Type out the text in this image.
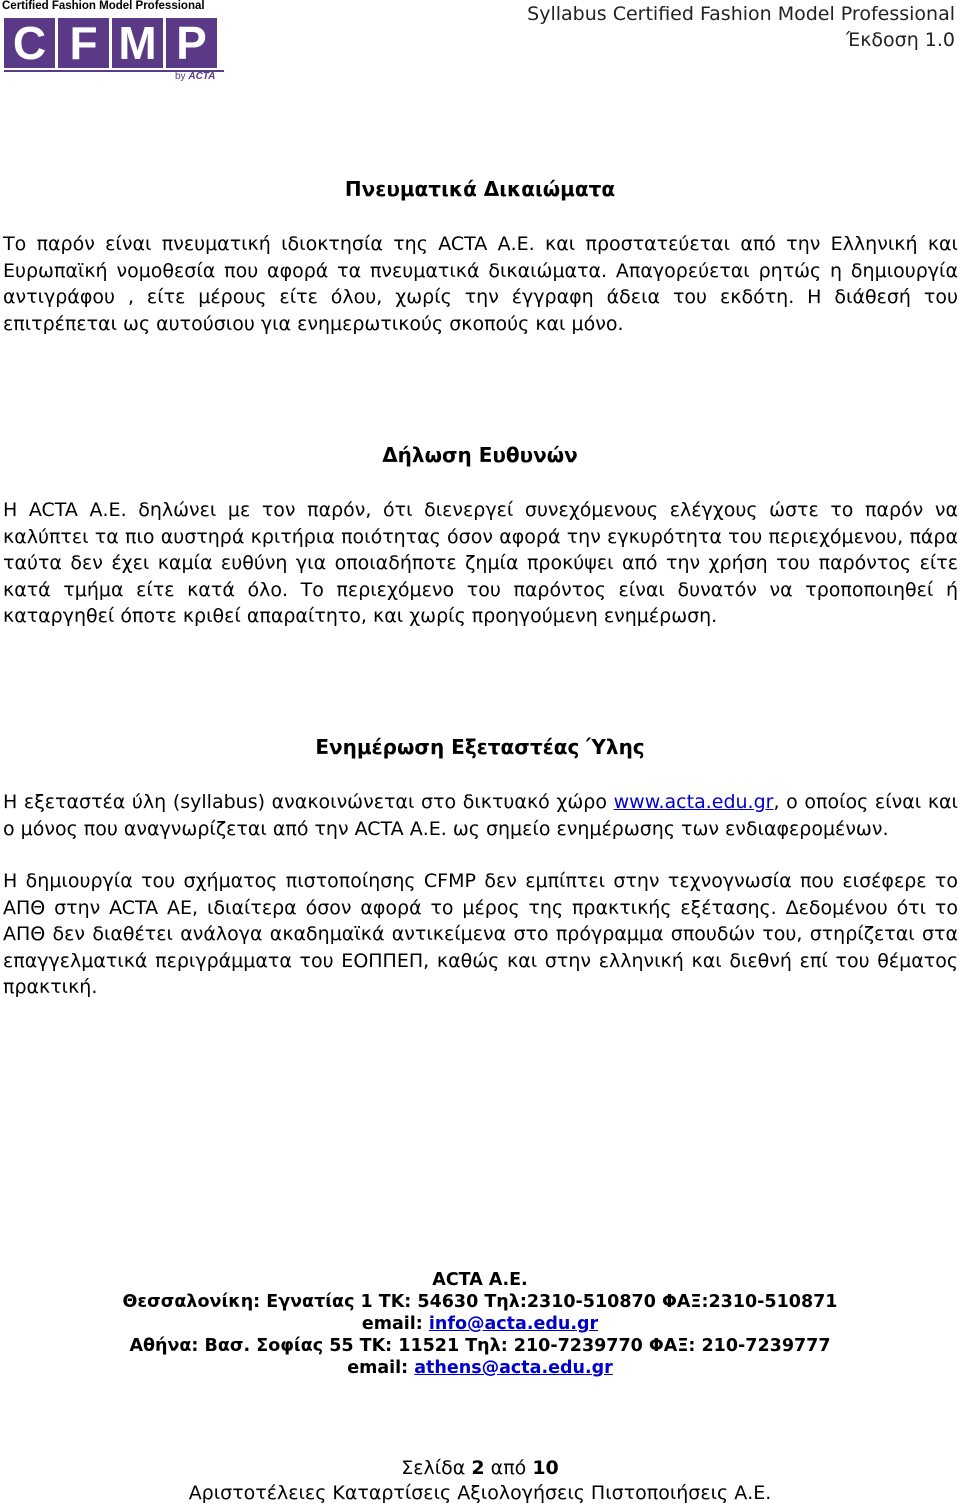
Certified Fashion Model Professional
C F M P
by ACTA
Syllabus Certified Fashion Model Professional
Έκδοση 1.0
Πνευματικά Δικαιώματα
Το παρόν είναι πνευματική ιδιοκτησία της ACTA Α.Ε. και προστατεύεται από την Ελληνική και Ευρωπαϊκή νομοθεσία που αφορά τα πνευματικά δικαιώματα. Απαγορεύεται ρητώς η δημιουργία αντιγράφου , είτε μέρους είτε όλου, χωρίς την έγγραφη άδεια του εκδότη. Η διάθεσή του επιτρέπεται ως αυτούσιου για ενημερωτικούς σκοπούς και μόνο.
Δήλωση Ευθυνών
Η ACTA Α.Ε. δηλώνει με τον παρόν, ότι διενεργεί συνεχόμενους ελέγχους ώστε το παρόν να καλύπτει τα πιο αυστηρά κριτήρια ποιότητας όσον αφορά την εγκυρότητα του περιεχόμενου, πάρα ταύτα δεν έχει καμία ευθύνη για οποιαδήποτε ζημία προκύψει από την χρήση του παρόντος είτε κατά τμήμα είτε κατά όλο. Το περιεχόμενο του παρόντος είναι δυνατόν να τροποποιηθεί ή καταργηθεί όποτε κριθεί απαραίτητο, και χωρίς προηγούμενη ενημέρωση.
Ενημέρωση Εξεταστέας Ύλης
Η εξεταστέα ύλη (syllabus) ανακοινώνεται στο δικτυακό χώρο www.acta.edu.gr, ο οποίος είναι και ο μόνος που αναγνωρίζεται από την ACTA Α.Ε. ως σημείο ενημέρωσης των ενδιαφερομένων.
Η δημιουργία του σχήματος πιστοποίησης CFMP δεν εμπίπτει στην τεχνογνωσία που εισέφερε το ΑΠΘ στην ACTA ΑΕ, ιδιαίτερα όσον αφορά το μέρος της πρακτικής εξέτασης. Δεδομένου ότι το ΑΠΘ δεν διαθέτει ανάλογα ακαδημαϊκά αντικείμενα στο πρόγραμμα σπουδών του, στηρίζεται στα επαγγελματικά περιγράμματα του ΕΟΠΠΕΠ, καθώς και στην ελληνική και διεθνή επί του θέματος πρακτική.
ACTA Α.Ε.
Θεσσαλονίκη: Εγνατίας 1 ΤΚ: 54630 Τηλ:2310-510870 ΦΑΞ:2310-510871
email: info@acta.edu.gr
Αθήνα: Βασ. Σοφίας 55 ΤΚ: 11521 Τηλ: 210-7239770 ΦΑΞ: 210-7239777
email: athens@acta.edu.gr
Σελίδα 2 από 10
Αριστοτέλειες Καταρτίσεις Αξιολογήσεις Πιστοποιήσεις Α.Ε.
